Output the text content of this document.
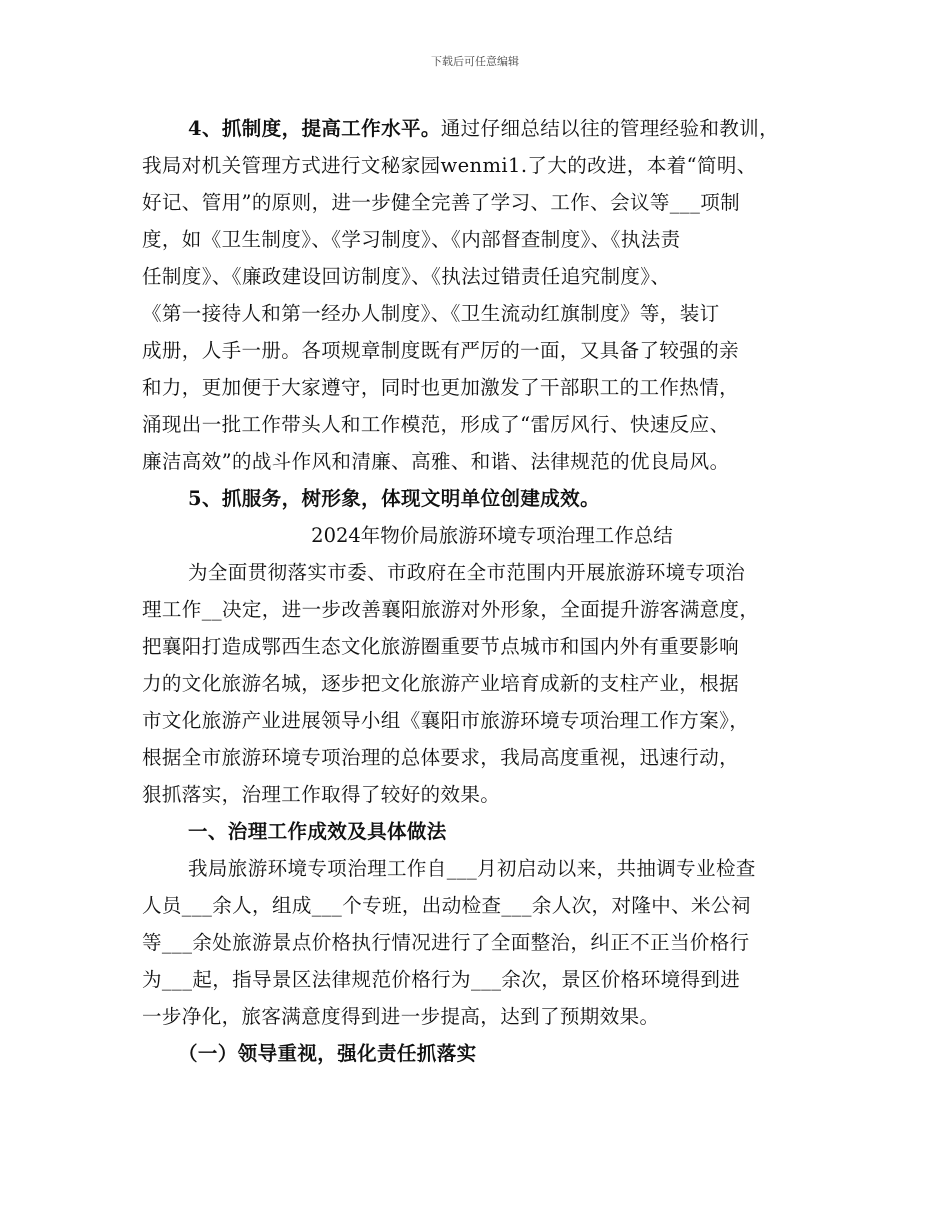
下载后可任意编辑
4、抓制度，提高工作水平。通过仔细总结以往的管理经验和教训，
我局对机关管理方式进行文秘家园wenmi1.了大的改进，本着“简明、
好记、管用”的原则，进一步健全完善了学习、工作、会议等___项制
度，如《卫生制度》、《学习制度》、《内部督查制度》、《执法责
任制度》、《廉政建设回访制度》、《执法过错责任追究制度》、
《第一接待人和第一经办人制度》、《卫生流动红旗制度》等，装订
成册，人手一册。各项规章制度既有严厉的一面，又具备了较强的亲
和力，更加便于大家遵守，同时也更加激发了干部职工的工作热情，
涌现出一批工作带头人和工作模范，形成了“雷厉风行、快速反应、
廉洁高效”的战斗作风和清廉、高雅、和谐、法律规范的优良局风。
5、抓服务，树形象，体现文明单位创建成效。
2024年物价局旅游环境专项治理工作总结
为全面贯彻落实市委、市政府在全市范围内开展旅游环境专项治
理工作__决定，进一步改善襄阳旅游对外形象，全面提升游客满意度，
把襄阳打造成鄂西生态文化旅游圈重要节点城市和国内外有重要影响
力的文化旅游名城，逐步把文化旅游产业培育成新的支柱产业，根据
市文化旅游产业进展领导小组《襄阳市旅游环境专项治理工作方案》，
根据全市旅游环境专项治理的总体要求，我局高度重视，迅速行动，
狠抓落实，治理工作取得了较好的效果。
一、治理工作成效及具体做法
我局旅游环境专项治理工作自___月初启动以来，共抽调专业检查
人员___余人，组成___个专班，出动检查___余人次，对隆中、米公祠
等___余处旅游景点价格执行情况进行了全面整治，纠正不正当价格行
为___起，指导景区法律规范价格行为___余次，景区价格环境得到进
一步净化，旅客满意度得到进一步提高，达到了预期效果。
（一）领导重视，强化责任抓落实
